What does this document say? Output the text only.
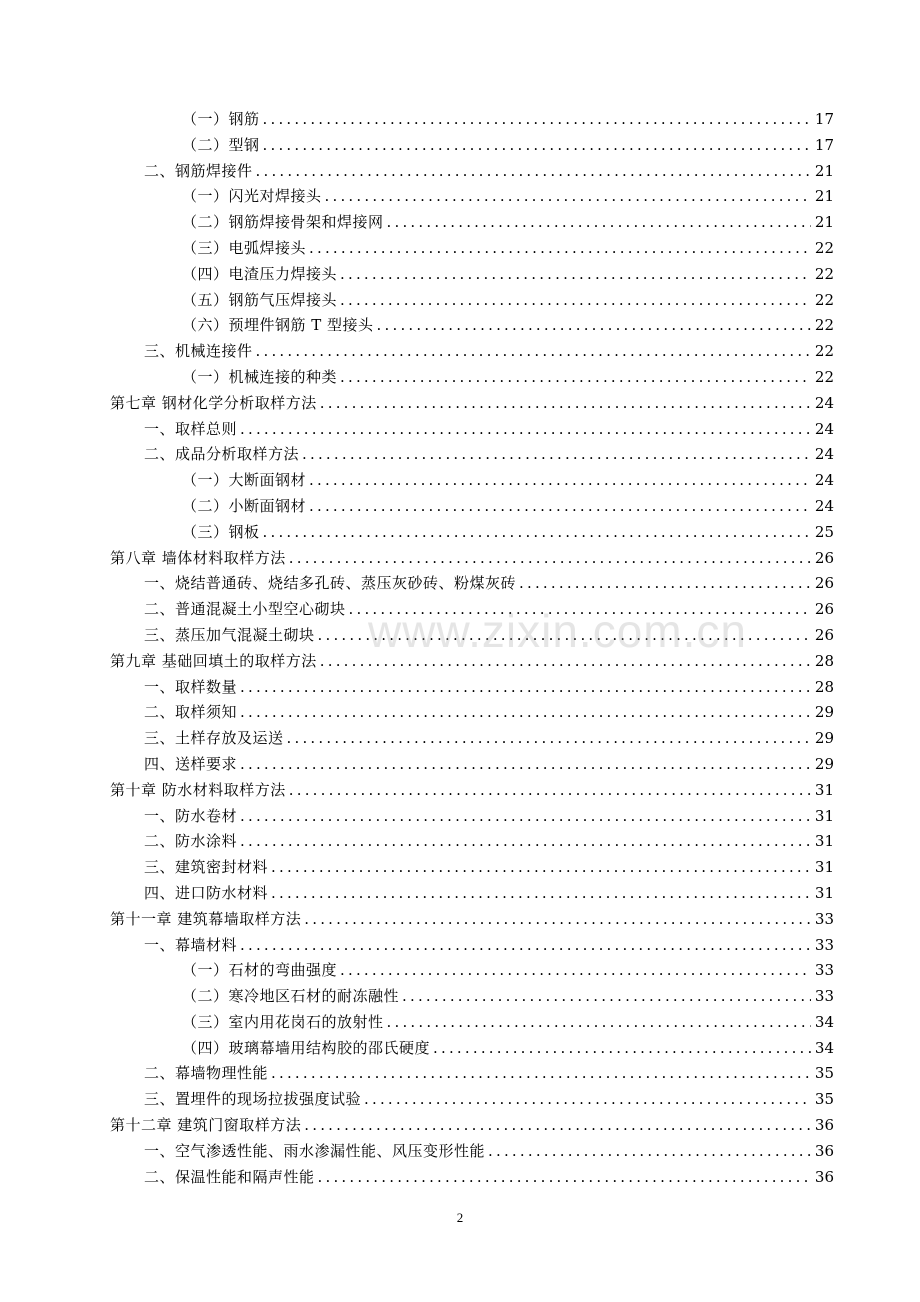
（一）钢筋 .....	17
（二）型钢 .....	17
二、钢筋焊接件 .....	21
（一）闪光对焊接头 .....	21
（二）钢筋焊接骨架和焊接网 .....	21
（三）电弧焊接头 .....	22
（四）电渣压力焊接头 .....	22
（五）钢筋气压焊接头 .....	22
（六）预埋件钢筋 T 型接头 .....	22
三、机械连接件 .....	22
（一）机械连接的种类 .....	22
第七章 钢材化学分析取样方法 .....	24
一、取样总则 .....	24
二、成品分析取样方法 .....	24
（一）大断面钢材 .....	24
（二）小断面钢材 .....	24
（三）钢板 .....	25
第八章 墙体材料取样方法 .....	26
一、烧结普通砖、烧结多孔砖、蒸压灰砂砖、粉煤灰砖 .....	26
二、普通混凝土小型空心砌块 .....	26
三、蒸压加气混凝土砌块 .....	26
第九章 基础回填土的取样方法 .....	28
一、取样数量 .....	28
二、取样须知 .....	29
三、土样存放及运送 .....	29
四、送样要求 .....	29
第十章 防水材料取样方法 .....	31
一、防水卷材 .....	31
二、防水涂料 .....	31
三、建筑密封材料 .....	31
四、进口防水材料 .....	31
第十一章 建筑幕墙取样方法 .....	33
一、幕墙材料 .....	33
（一）石材的弯曲强度 .....	33
（二）寒冷地区石材的耐冻融性 .....	33
（三）室内用花岗石的放射性 .....	34
（四）玻璃幕墙用结构胶的邵氏硬度 .....	34
二、幕墙物理性能 .....	35
三、置埋件的现场拉拔强度试验 .....	35
第十二章 建筑门窗取样方法 .....	36
一、空气渗透性能、雨水渗漏性能、风压变形性能 .....	36
二、保温性能和隔声性能 .....	36
www.zixin.com.cn
2
